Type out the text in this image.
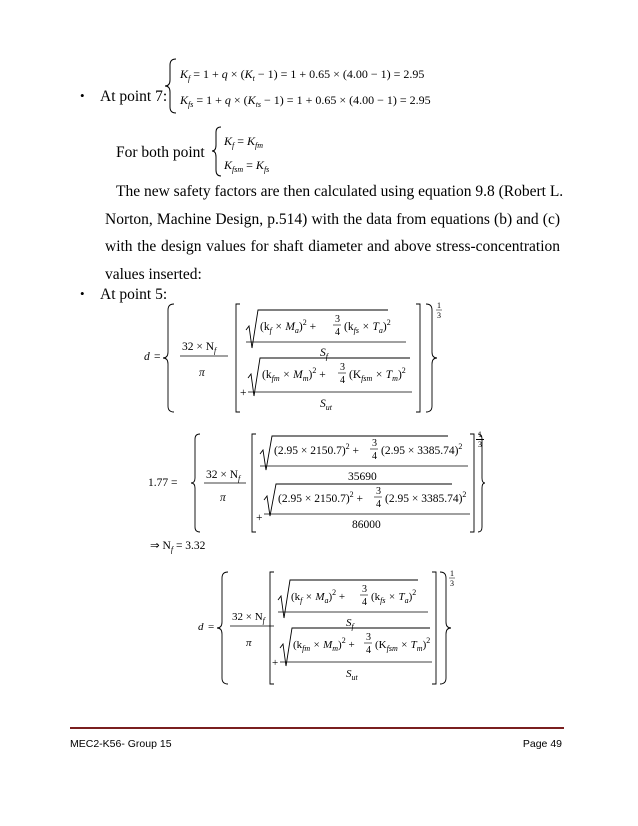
• At point 7:
$K_f = 1 + q \times (K_t - 1) = 1 + 0.65 \times (4.00 - 1) = 2.95$
$K_{fs} = 1 + q \times (K_{ts} - 1) = 1 + 0.65 \times (4.00 - 1) = 2.95$
For both point
$K_f = K_{fm}$
$K_{fsm} = K_{fs}$
The new safety factors are then calculated using equation 9.8 (Robert L.
Norton, Machine Design, p.514) with the data from equations (b) and (c)
with the design values for shaft diameter and above stress-concentration
values inserted:
• At point 5:
d =
$32 \times N_f$
π
$(k_f \times M_a)^2$ +
3
4 $(k_{fs} \times T_a)^2$
$S_f$
+
$(k_{fm} \times M_m)^2$ +
3
4 $(K_{fsm} \times T_m)^2$
$S_{ut}$
1
3
1.77 =
$32 \times N_f$
π
$(2.95 \times 2150.7)^2$ +
3
4 $(2.95 \times 3385.74)^2$
35690
+
$(2.95 \times 2150.7)^2$ +
3
4 $(2.95 \times 3385.74)^2$
86000
1
3
⇒ $N_f = 3.32$
d =
$32 \times N_f$
π
$(k_f \times M_a)^2$ +
3
4 $(k_{fs} \times T_a)^2$
$S_f$
+
$(k_{fm} \times M_m)^2$ +
3
4 $(K_{fsm} \times T_m)^2$
$S_{ut}$
1
3
MEC2-K56- Group 15	Page 49
